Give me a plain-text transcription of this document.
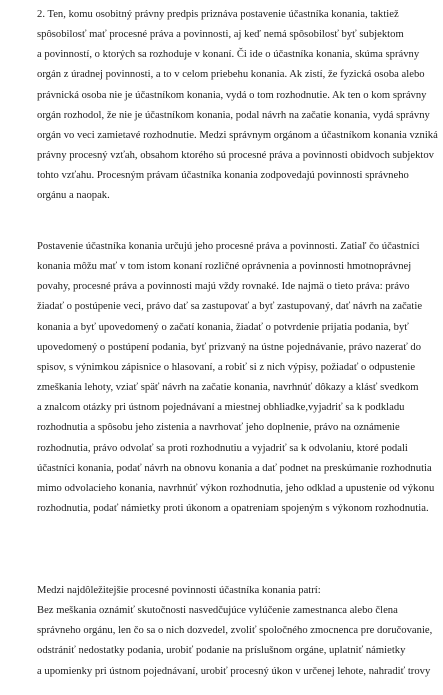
2. Ten, komu osobitný právny predpis priznáva postavenie účastníka konania, taktiež
spôsobilosť mať procesné práva a povinnosti, aj keď nemá spôsobilosť byť subjektom
a povinností, o ktorých sa rozhoduje v konaní. Či ide o účastníka konania, skúma správny
orgán z úradnej povinnosti, a to v celom priebehu konania. Ak zistí, že fyzická osoba alebo
právnická osoba nie je účastníkom konania, vydá o tom rozhodnutie. Ak ten o kom správny
orgán rozhodol, že nie je účastníkom konania, podal návrh na začatie konania, vydá správny
orgán vo veci zamietavé rozhodnutie. Medzi správnym orgánom a účastníkom konania vzniká
právny procesný vzťah, obsahom ktorého sú procesné práva a povinnosti obidvoch subjektov
tohto vzťahu. Procesným právam účastníka konania zodpovedajú povinnosti správneho
orgánu a naopak.

Postavenie účastníka konania určujú jeho procesné práva a povinnosti. Zatiaľ čo účastníci
konania môžu mať v tom istom konaní rozličné oprávnenia a povinnosti hmotnoprávnej
povahy, procesné práva a povinnosti majú vždy rovnaké. Ide najmä o tieto práva: právo
žiadať o postúpenie veci, právo dať sa zastupovať a byť zastupovaný, dať návrh na začatie
konania a byť upovedomený o začatí konania, žiadať o potvrdenie prijatia podania, byť
upovedomený o postúpení podania, byť prizvaný na ústne pojednávanie, právo nazerať do
spisov, s výnimkou zápisnice o hlasovaní, a robiť si z nich výpisy, požiadať o odpustenie
zmeškania lehoty, vziať späť návrh na začatie konania, navrhnúť dôkazy a klásť svedkom
a znalcom otázky pri ústnom pojednávaní a miestnej obhliadke,vyjadriť sa k podkladu
rozhodnutia a spôsobu jeho zistenia a navrhovať jeho doplnenie, právo na oznámenie
rozhodnutia, právo odvolať sa proti rozhodnutiu a vyjadriť sa k odvolaniu, ktoré podali
účastníci konania, podať návrh na obnovu konania a dať podnet na preskúmanie rozhodnutia
mimo odvolacieho konania, navrhnúť výkon rozhodnutia, jeho odklad a upustenie od výkonu
rozhodnutia, podať námietky proti úkonom a opatreniam spojeným s výkonom rozhodnutia.

Medzi najdôležitejšie procesné povinnosti účastníka konania patrí:
Bez meškania oznámiť skutočnosti nasvedčujúce vylúčenie zamestnanca alebo člena
správneho orgánu, len čo sa o nich dozvedel, zvoliť spoločného zmocnenca pre doručovanie,
odstrániť nedostatky podania, urobiť podanie na príslušnom orgáne, uplatniť námietky
a upomienky pri ústnom pojednávaní, urobiť procesný úkon v určenej lehote, nahradiť trovy
